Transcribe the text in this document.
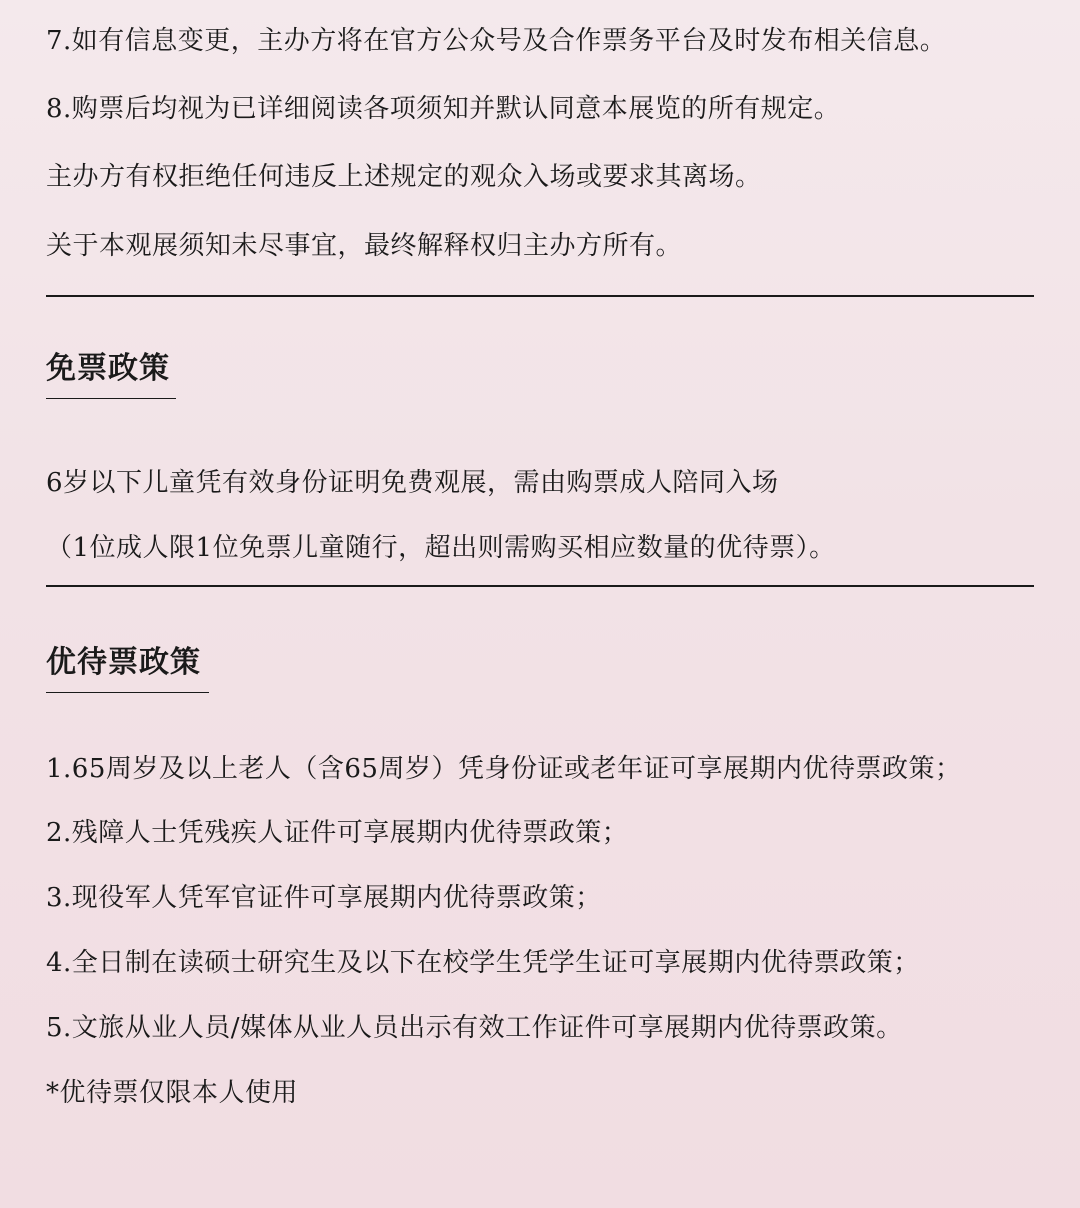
7.如有信息变更，主办方将在官方公众号及合作票务平台及时发布相关信息。

8.购票后均视为已详细阅读各项须知并默认同意本展览的所有规定。

主办方有权拒绝任何违反上述规定的观众入场或要求其离场。

关于本观展须知未尽事宜，最终解释权归主办方所有。

免票政策

6岁以下儿童凭有效身份证明免费观展，需由购票成人陪同入场

（1位成人限1位免票儿童随行，超出则需购买相应数量的优待票）。

优待票政策

1.65周岁及以上老人（含65周岁）凭身份证或老年证可享展期内优待票政策；

2.残障人士凭残疾人证件可享展期内优待票政策；

3.现役军人凭军官证件可享展期内优待票政策；

4.全日制在读硕士研究生及以下在校学生凭学生证可享展期内优待票政策；

5.文旅从业人员/媒体从业人员出示有效工作证件可享展期内优待票政策。

*优待票仅限本人使用
